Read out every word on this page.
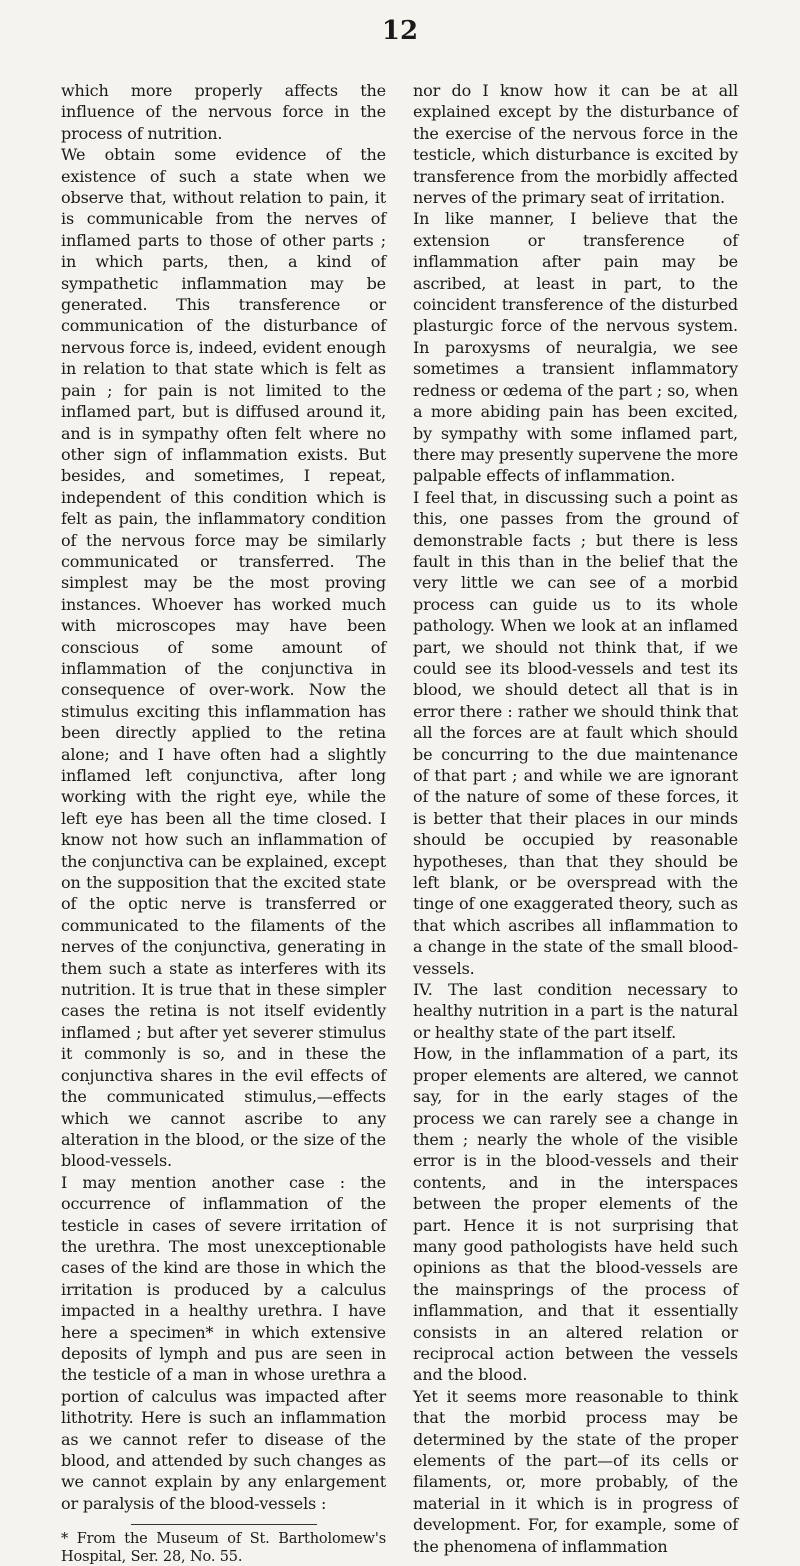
12

which more properly affects the influence of the nervous force in the process of nutrition.

We obtain some evidence of the existence of such a state when we observe that, without relation to pain, it is communicable from the nerves of inflamed parts to those of other parts ; in which parts, then, a kind of sympathetic inflammation may be generated. This transference or communication of the disturbance of nervous force is, indeed, evident enough in relation to that state which is felt as pain ; for pain is not limited to the inflamed part, but is diffused around it, and is in sympathy often felt where no other sign of inflammation exists. But besides, and sometimes, I repeat, independent of this condition which is felt as pain, the inflammatory condition of the nervous force may be similarly communicated or transferred. The simplest may be the most proving instances. Whoever has worked much with microscopes may have been conscious of some amount of inflammation of the conjunctiva in consequence of over-work. Now the stimulus exciting this inflammation has been directly applied to the retina alone; and I have often had a slightly inflamed left conjunctiva, after long working with the right eye, while the left eye has been all the time closed. I know not how such an inflammation of the conjunctiva can be explained, except on the supposition that the excited state of the optic nerve is transferred or communicated to the filaments of the nerves of the conjunctiva, generating in them such a state as interferes with its nutrition. It is true that in these simpler cases the retina is not itself evidently inflamed ; but after yet severer stimulus it commonly is so, and in these the conjunctiva shares in the evil effects of the communicated stimulus,—effects which we cannot ascribe to any alteration in the blood, or the size of the blood-vessels.

I may mention another case : the occurrence of inflammation of the testicle in cases of severe irritation of the urethra. The most unexceptionable cases of the kind are those in which the irritation is produced by a calculus impacted in a healthy urethra. I have here a specimen* in which extensive deposits of lymph and pus are seen in the testicle of a man in whose urethra a portion of calculus was impacted after lithotrity. Here is such an inflammation as we cannot refer to disease of the blood, and attended by such changes as we cannot explain by any enlargement or paralysis of the blood-vessels :

* From the Museum of St. Bartholomew's Hospital, Ser. 28, No. 55.

nor do I know how it can be at all explained except by the disturbance of the exercise of the nervous force in the testicle, which disturbance is excited by transference from the morbidly affected nerves of the primary seat of irritation.

In like manner, I believe that the extension or transference of inflammation after pain may be ascribed, at least in part, to the coincident transference of the disturbed plasturgic force of the nervous system. In paroxysms of neuralgia, we see sometimes a transient inflammatory redness or œdema of the part ; so, when a more abiding pain has been excited, by sympathy with some inflamed part, there may presently supervene the more palpable effects of inflammation.

I feel that, in discussing such a point as this, one passes from the ground of demonstrable facts ; but there is less fault in this than in the belief that the very little we can see of a morbid process can guide us to its whole pathology. When we look at an inflamed part, we should not think that, if we could see its blood-vessels and test its blood, we should detect all that is in error there : rather we should think that all the forces are at fault which should be concurring to the due maintenance of that part ; and while we are ignorant of the nature of some of these forces, it is better that their places in our minds should be occupied by reasonable hypotheses, than that they should be left blank, or be overspread with the tinge of one exaggerated theory, such as that which ascribes all inflammation to a change in the state of the small blood-vessels.

IV. The last condition necessary to healthy nutrition in a part is the natural or healthy state of the part itself.

How, in the inflammation of a part, its proper elements are altered, we cannot say, for in the early stages of the process we can rarely see a change in them ; nearly the whole of the visible error is in the blood-vessels and their contents, and in the interspaces between the proper elements of the part. Hence it is not surprising that many good pathologists have held such opinions as that the blood-vessels are the mainsprings of the process of inflammation, and that it essentially consists in an altered relation or reciprocal action between the vessels and the blood.

Yet it seems more reasonable to think that the morbid process may be determined by the state of the proper elements of the part—of its cells or filaments, or, more probably, of the material in it which is in progress of development. For, for example, some of the phenomena of inflammation
